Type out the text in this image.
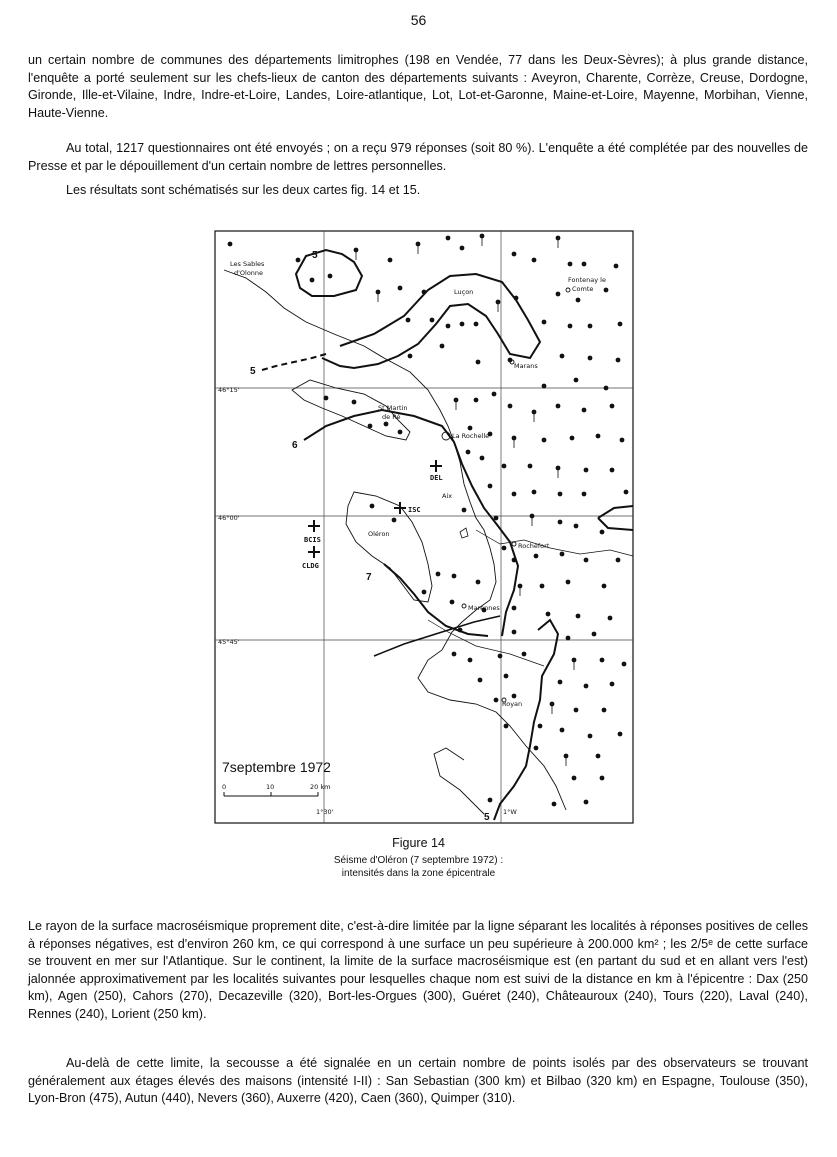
56

un certain nombre de communes des départements limitrophes (198 en Vendée, 77 dans les Deux-Sèvres); à plus grande distance, l'enquête a porté seulement sur les chefs-lieux de canton des départements suivants : Aveyron, Charente, Corrèze, Creuse, Dordogne, Gironde, Ille-et-Vilaine, Indre, Indre-et-Loire, Landes, Loire-atlantique, Lot, Lot-et-Garonne, Maine-et-Loire, Mayenne, Morbihan, Vienne, Haute-Vienne.

Au total, 1217 questionnaires ont été envoyés ; on a reçu 979 réponses (soit 80 %). L'enquête a été complétée par des nouvelles de Presse et par le dépouillement d'un certain nombre de lettres personnelles.

Les résultats sont schématisés sur les deux cartes fig. 14 et 15.

DEL
ISC
BCIS
CLDG
Les Sables
d'Olonne
Luçon
Fontenay le
Comte
Marans
St Martin
de Ré
La Rochelle
Aix
Oléron
Rochefort
Marennes
Royan
46°15'
46°00'
45°45'
5
5
6
7
5
7septembre 1972
0	10	20 km
1°30'	1°W
Figure 14
Séisme d'Oléron (7 septembre 1972) :
intensités dans la zone épicentrale

Le rayon de la surface macroséismique proprement dite, c'est-à-dire limitée par la ligne séparant les localités à réponses positives de celles à réponses négatives, est d'environ 260 km, ce qui correspond à une surface un peu supérieure à 200.000 km² ; les 2/5ᵉ de cette surface se trouvent en mer sur l'Atlantique. Sur le continent, la limite de la surface macroséismique est (en partant du sud et en allant vers l'est) jalonnée approximativement par les localités suivantes pour lesquelles chaque nom est suivi de la distance en km à l'épicentre : Dax (250 km), Agen (250), Cahors (270), Decazeville (320), Bort-les-Orgues (300), Guéret (240), Châteauroux (240), Tours (220), Laval (240), Rennes (240), Lorient (250 km).

Au-delà de cette limite, la secousse a été signalée en un certain nombre de points isolés par des observateurs se trouvant généralement aux étages élevés des maisons (intensité I-II) : San Sebastian (300 km) et Bilbao (320 km) en Espagne, Toulouse (350), Lyon-Bron (475), Autun (440), Nevers (360), Auxerre (420), Caen (360), Quimper (310).
